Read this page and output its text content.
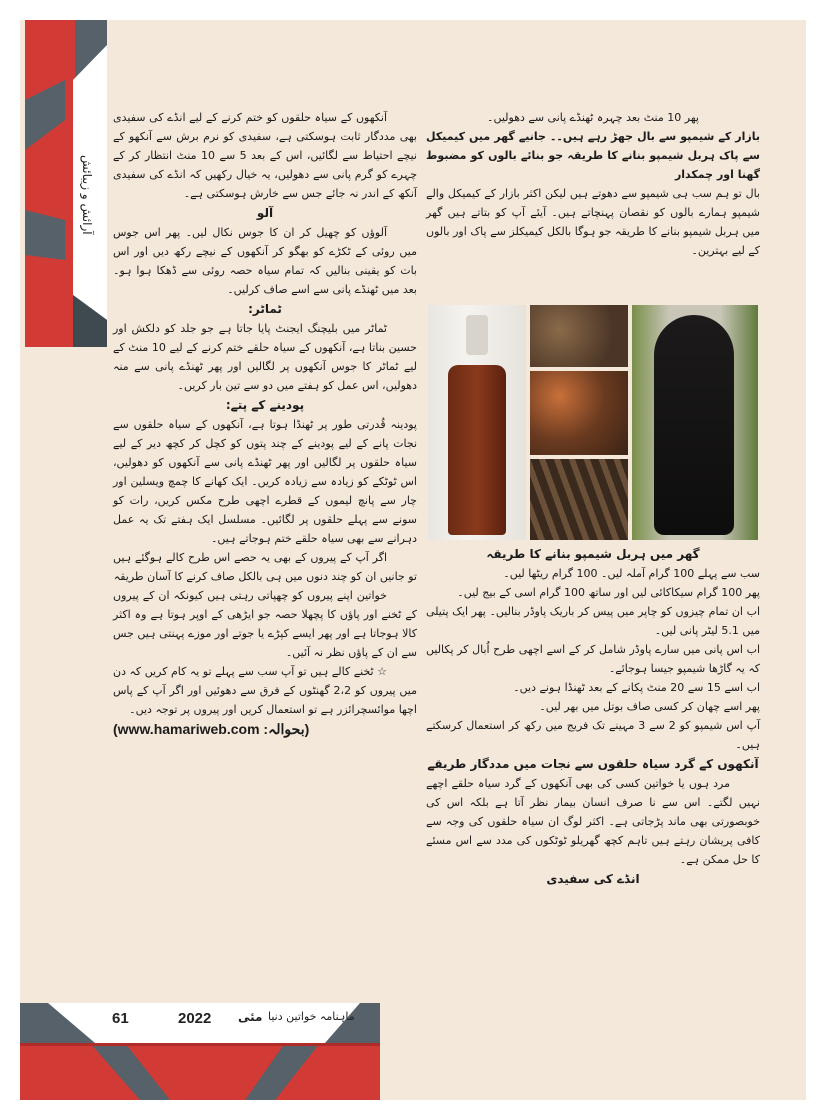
آرائش و زیبائش

آنکھوں کے سیاہ حلقوں کو ختم کرنے کے لیے انڈے کی سفیدی بھی مددگار ثابت ہوسکتی ہے، سفیدی کو نرم برش سے آنکھو کے نیچے احتیاط سے لگائیں، اس کے بعد 5 سے 10 منٹ انتظار کر کے چہرے کو گرم پانی سے دھولیں، یہ خیال رکھیں کہ انڈے کی سفیدی آنکھ کے اندر نہ جائے جس سے خارش ہوسکتی ہے۔

آلو

آلوؤں کو چھیل کر ان کا جوس نکال لیں۔ پھر اس جوس میں روئی کے ٹکڑے کو بھگو کر آنکھوں کے نیچے رکھ دیں اور اس بات کو یقینی بنالیں کہ تمام سیاہ حصہ روئی سے ڈھکا ہوا ہو۔ بعد میں ٹھنڈے پانی سے اسے صاف کرلیں۔

ٹماٹر:

ٹماٹر میں بلیچنگ ایجنٹ پایا جاتا ہے جو جلد کو دلکش اور حسین بناتا ہے، آنکھوں کے سیاہ حلقے ختم کرنے کے لیے 10 منٹ کے لیے ٹماٹر کا جوس آنکھوں پر لگالیں اور پھر ٹھنڈے پانی سے منہ دھولیں، اس عمل کو ہفتے میں دو سے تین بار کریں۔

پودینے کے پتے:

پودینہ قُدرتی طور پر ٹھنڈا ہوتا ہے، آنکھوں کے سیاہ حلقوں سے نجات پانے کے لیے پودینے کے چند پتوں کو کچل کر کچھ دیر کے لیے سیاہ حلقوں پر لگالیں اور پھر ٹھنڈے پانی سے آنکھوں کو دھولیں، اس ٹوٹکے کو زیادہ سے زیادہ کریں۔ ایک کھانے کا چمچ ویسلین اور چار سے پانچ لیموں کے قطرے اچھی طرح مکس کریں، رات کو سونے سے پہلے حلقوں پر لگائیں۔ مسلسل ایک ہفتے تک یہ عمل دہرانے سے بھی سیاہ حلقے ختم ہوجاتے ہیں۔

اگر آپ کے پیروں کے بھی یہ حصے اس طرح کالے ہوگئے ہیں تو جانیں ان کو چند دنوں میں ہی بالکل صاف کرنے کا آسان طریقہ

خواتین اپنے پیروں کو چھپاتی رہتی ہیں کیونکہ ان کے پیروں کے ٹخنے اور پاؤں کا پچھلا حصہ جو ایڑھی کے اوپر ہوتا ہے وہ اکثر کالا ہوجاتا ہے اور پھر ایسے کپڑے یا جوتے اور موزے پہنتی ہیں جس سے ان کے پاؤں نظر نہ آئیں۔

☆ ٹخنے کالے ہیں تو آپ سب سے پہلے تو یہ کام کریں کہ دن میں پیروں کو 2،2 گھنٹوں کے فرق سے دھوئیں اور اگر آپ کے پاس اچھا موائسچرائزر ہے تو استعمال کریں اور پیروں پر توجہ دیں۔

(www.hamariweb.com :بحوالہ)

پھر 10 منٹ بعد چہرہ ٹھنڈے پانی سے دھولیں۔

بازار کے شیمپو سے بال جھڑ رہے ہیں۔۔ جانیے گھر میں کیمیکل سے پاک ہربل شیمپو بنانے کا طریقہ جو بنائے بالوں کو مضبوط گھنا اور چمکدار

بال تو ہم سب ہی شیمپو سے دھوتے ہیں لیکن اکثر بازار کے کیمیکل والے شیمپو ہمارے بالوں کو نقصان پہنچاتے ہیں۔ آیئے آپ کو بتاتے ہیں گھر میں ہربل شیمپو بنانے کا طریقہ جو ہوگا بالکل کیمیکلز سے پاک اور بالوں کے لیے بہترین۔

گھر میں ہربل شیمپو بنانے کا طریقہ

سب سے پہلے 100 گرام آملہ لیں۔ 100 گرام ریٹھا لیں۔

پھر 100 گرام سیکاکائی لیں اور ساتھ 100 گرام اسی کے بیج لیں۔

اب ان تمام چیزوں کو چاپر میں پیس کر باریک پاوڈر بنالیں۔ پھر ایک پتیلی میں 5.1 لیٹر پانی لیں۔

اب اس پانی میں سارے پاوڈر شامل کر کے اسے اچھی طرح اُبال کر پکالیں کہ یہ گاڑھا شیمپو جیسا ہوجائے۔

اب اسے 15 سے 20 منٹ پکانے کے بعد ٹھنڈا ہونے دیں۔

پھر اسے چھان کر کسی صاف بوتل میں بھر لیں۔

آپ اس شیمپو کو 2 سے 3 مہینے تک فریج میں رکھ کر استعمال کرسکتے ہیں۔

آنکھوں کے گرد سیاہ حلقوں سے نجات میں مددگار طریقے

مرد ہوں یا خواتین کسی کی بھی آنکھوں کے گرد سیاہ حلقے اچھے نہیں لگتے۔ اس سے نا صرف انسان بیمار نظر آتا ہے بلکہ اس کی خوبصورتی بھی ماند پڑجاتی ہے۔ اکثر لوگ ان سیاہ حلقوں کی وجہ سے کافی پریشان رہتے ہیں تاہم کچھ گھریلو ٹوٹکوں کی مدد سے اس مسئے کا حل ممکن ہے۔

انڈے کی سفیدی
61	2022 مئی ماہنامہ خواتین دنیا
